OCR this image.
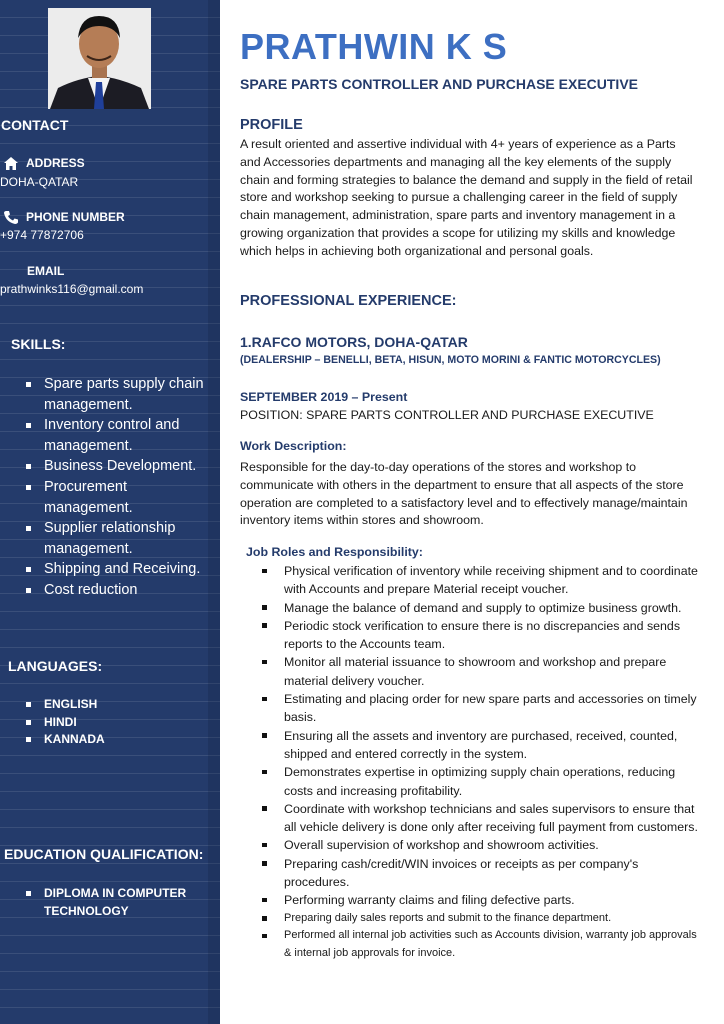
CONTACT
ADDRESS
DOHA-QATAR
PHONE NUMBER
+974 77872706
EMAIL
prathwinks116@gmail.com
SKILLS:
Spare parts supply chain management.
Inventory control and management.
Business Development.
Procurement management.
Supplier relationship management.
Shipping and Receiving.
Cost reduction
LANGUAGES:
ENGLISH
HINDI
KANNADA
EDUCATION QUALIFICATION:
DIPLOMA IN COMPUTER TECHNOLOGY
PRATHWIN K S
SPARE PARTS CONTROLLER AND PURCHASE EXECUTIVE
PROFILE

A result oriented and assertive individual with 4+ years of experience as a Parts and Accessories departments and managing all the key elements of the supply chain and forming strategies to balance the demand and supply in the field of retail store and workshop seeking to pursue a challenging career in the field of supply chain management, administration, spare parts and inventory management in a growing organization that provides a scope for utilizing my skills and knowledge which helps in achieving both organizational and personal goals.

PROFESSIONAL EXPERIENCE:
1.RAFCO MOTORS, DOHA-QATAR
(DEALERSHIP – BENELLI, BETA, HISUN, MOTO MORINI & FANTIC MOTORCYCLES)
SEPTEMBER 2019 – Present
POSITION: SPARE PARTS CONTROLLER AND PURCHASE EXECUTIVE
Work Description:

Responsible for the day-to-day operations of the stores and workshop to communicate with others in the department to ensure that all aspects of the store operation are completed to a satisfactory level and to effectively manage/maintain inventory items within stores and showroom.

Job Roles and Responsibility:
Physical verification of inventory while receiving shipment and to coordinate with Accounts and prepare Material receipt voucher.
Manage the balance of demand and supply to optimize business growth.
Periodic stock verification to ensure there is no discrepancies and sends reports to the Accounts team.
Monitor all material issuance to showroom and workshop and prepare material delivery voucher.
Estimating and placing order for new spare parts and accessories on timely basis.
Ensuring all the assets and inventory are purchased, received, counted, shipped and entered correctly in the system.
Demonstrates expertise in optimizing supply chain operations, reducing costs and increasing profitability.
Coordinate with workshop technicians and sales supervisors to ensure that all vehicle delivery is done only after receiving full payment from customers.
Overall supervision of workshop and showroom activities.
Preparing cash/credit/WIN invoices or receipts as per company's procedures.
Performing warranty claims and filing defective parts.
Preparing daily sales reports and submit to the finance department.
Performed all internal job activities such as Accounts division, warranty job approvals & internal job approvals for invoice.
